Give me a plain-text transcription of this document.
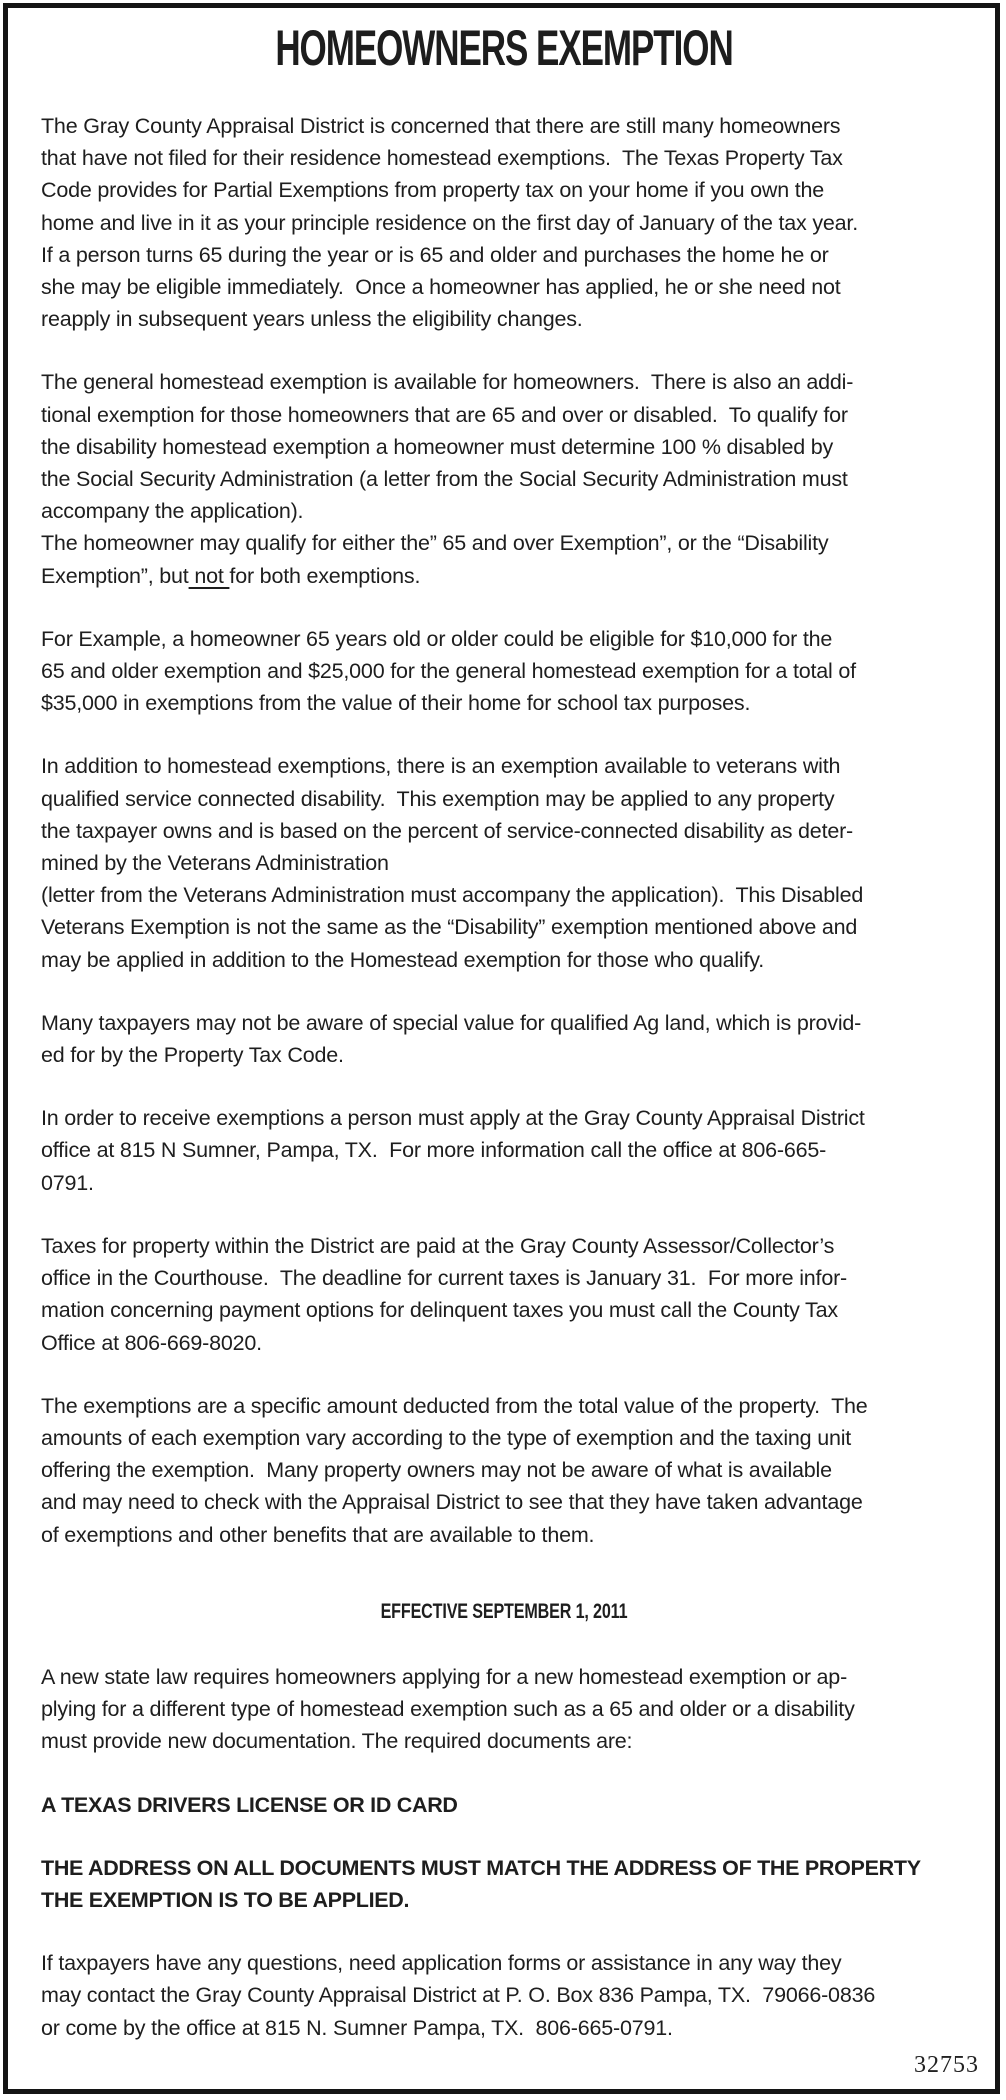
HOMEOWNERS EXEMPTION
The Gray County Appraisal District is concerned that there are still many homeowners
that have not filed for their residence homestead exemptions.  The Texas Property Tax
Code provides for Partial Exemptions from property tax on your home if you own the
home and live in it as your principle residence on the first day of January of the tax year.
If a person turns 65 during the year or is 65 and older and purchases the home he or
she may be eligible immediately.  Once a homeowner has applied, he or she need not
reapply in subsequent years unless the eligibility changes.
The general homestead exemption is available for homeowners.  There is also an addi-
tional exemption for those homeowners that are 65 and over or disabled.  To qualify for
the disability homestead exemption a homeowner must determine 100 % disabled by
the Social Security Administration (a letter from the Social Security Administration must
accompany the application).
The homeowner may qualify for either the” 65 and over Exemption”, or the “Disability
Exemption”, but not for both exemptions.
For Example, a homeowner 65 years old or older could be eligible for $10,000 for the
65 and older exemption and $25,000 for the general homestead exemption for a total of
$35,000 in exemptions from the value of their home for school tax purposes.
In addition to homestead exemptions, there is an exemption available to veterans with
qualified service connected disability.  This exemption may be applied to any property
the taxpayer owns and is based on the percent of service-connected disability as deter-
mined by the Veterans Administration
(letter from the Veterans Administration must accompany the application).  This Disabled
Veterans Exemption is not the same as the “Disability” exemption mentioned above and
may be applied in addition to the Homestead exemption for those who qualify.
Many taxpayers may not be aware of special value for qualified Ag land, which is provid-
ed for by the Property Tax Code.
In order to receive exemptions a person must apply at the Gray County Appraisal District
office at 815 N Sumner, Pampa, TX.  For more information call the office at 806-665-
0791.
Taxes for property within the District are paid at the Gray County Assessor/Collector’s
office in the Courthouse.  The deadline for current taxes is January 31.  For more infor-
mation concerning payment options for delinquent taxes you must call the County Tax
Office at 806-669-8020.
The exemptions are a specific amount deducted from the total value of the property.  The
amounts of each exemption vary according to the type of exemption and the taxing unit
offering the exemption.  Many property owners may not be aware of what is available
and may need to check with the Appraisal District to see that they have taken advantage
of exemptions and other benefits that are available to them.
EFFECTIVE SEPTEMBER 1, 2011
A new state law requires homeowners applying for a new homestead exemption or ap-
plying for a different type of homestead exemption such as a 65 and older or a disability
must provide new documentation. The required documents are:
A TEXAS DRIVERS LICENSE OR ID CARD
THE ADDRESS ON ALL DOCUMENTS MUST MATCH THE ADDRESS OF THE PROPERTY
THE EXEMPTION IS TO BE APPLIED.
If taxpayers have any questions, need application forms or assistance in any way they
may contact the Gray County Appraisal District at P. O. Box 836 Pampa, TX.  79066-0836
or come by the office at 815 N. Sumner Pampa, TX.  806-665-0791.
32753
